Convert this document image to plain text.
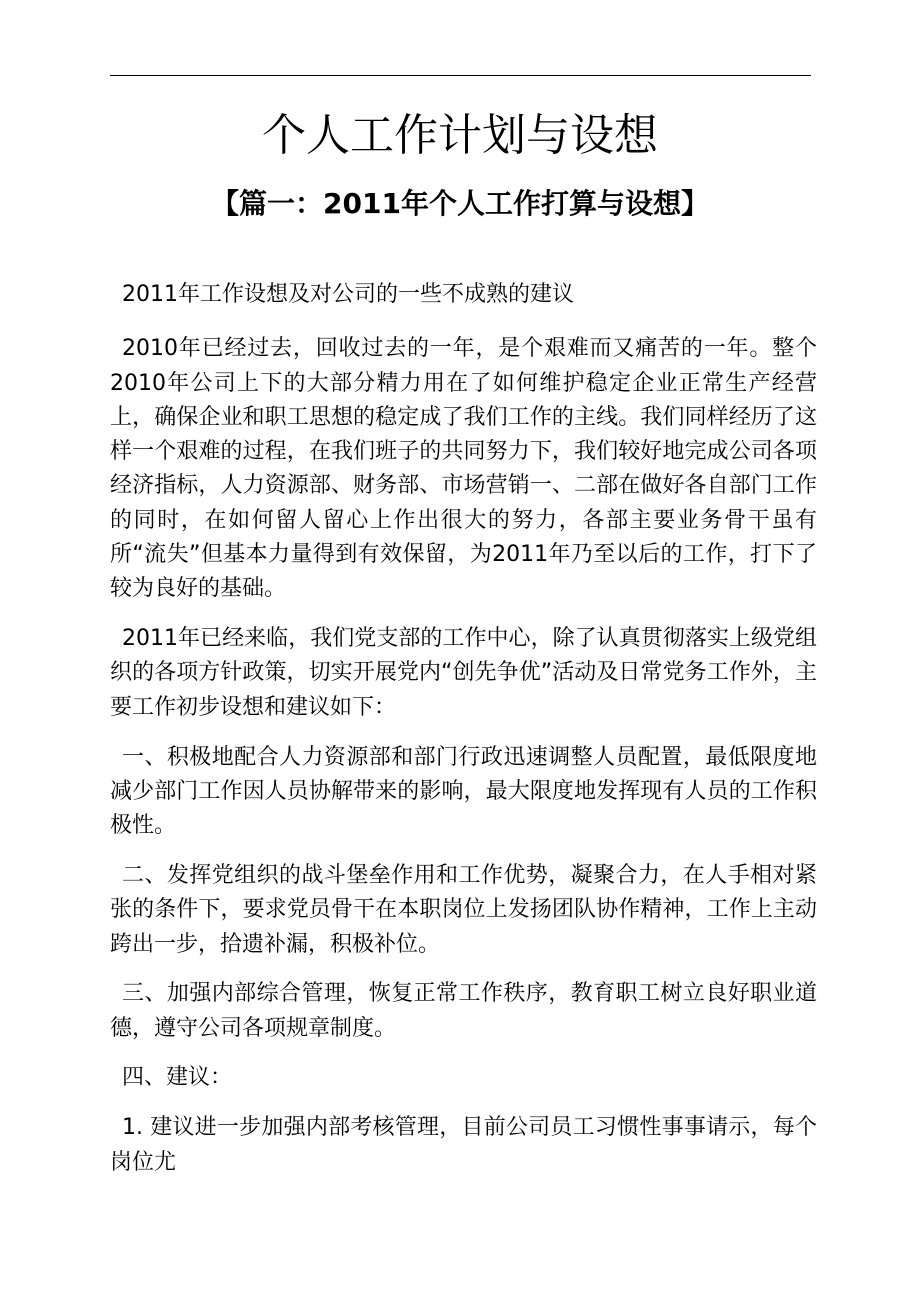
个人工作计划与设想
【篇一：2011年个人工作打算与设想】

2011年工作设想及对公司的一些不成熟的建议

2010年已经过去，回收过去的一年，是个艰难而又痛苦的一年。整个2010年公司上下的大部分精力用在了如何维护稳定企业正常生产经营上，确保企业和职工思想的稳定成了我们工作的主线。我们同样经历了这样一个艰难的过程，在我们班子的共同努力下，我们较好地完成公司各项经济指标，人力资源部、财务部、市场营销一、二部在做好各自部门工作的同时，在如何留人留心上作出很大的努力，各部主要业务骨干虽有所“流失”但基本力量得到有效保留，为2011年乃至以后的工作，打下了较为良好的基础。

2011年已经来临，我们党支部的工作中心，除了认真贯彻落实上级党组织的各项方针政策，切实开展党内“创先争优”活动及日常党务工作外，主要工作初步设想和建议如下：

一、积极地配合人力资源部和部门行政迅速调整人员配置，最低限度地减少部门工作因人员协解带来的影响，最大限度地发挥现有人员的工作积极性。

二、发挥党组织的战斗堡垒作用和工作优势，凝聚合力，在人手相对紧张的条件下，要求党员骨干在本职岗位上发扬团队协作精神，工作上主动跨出一步，拾遗补漏，积极补位。

三、加强内部综合管理，恢复正常工作秩序，教育职工树立良好职业道德，遵守公司各项规章制度。

四、建议：

1. 建议进一步加强内部考核管理，目前公司员工习惯性事事请示，每个岗位尤
